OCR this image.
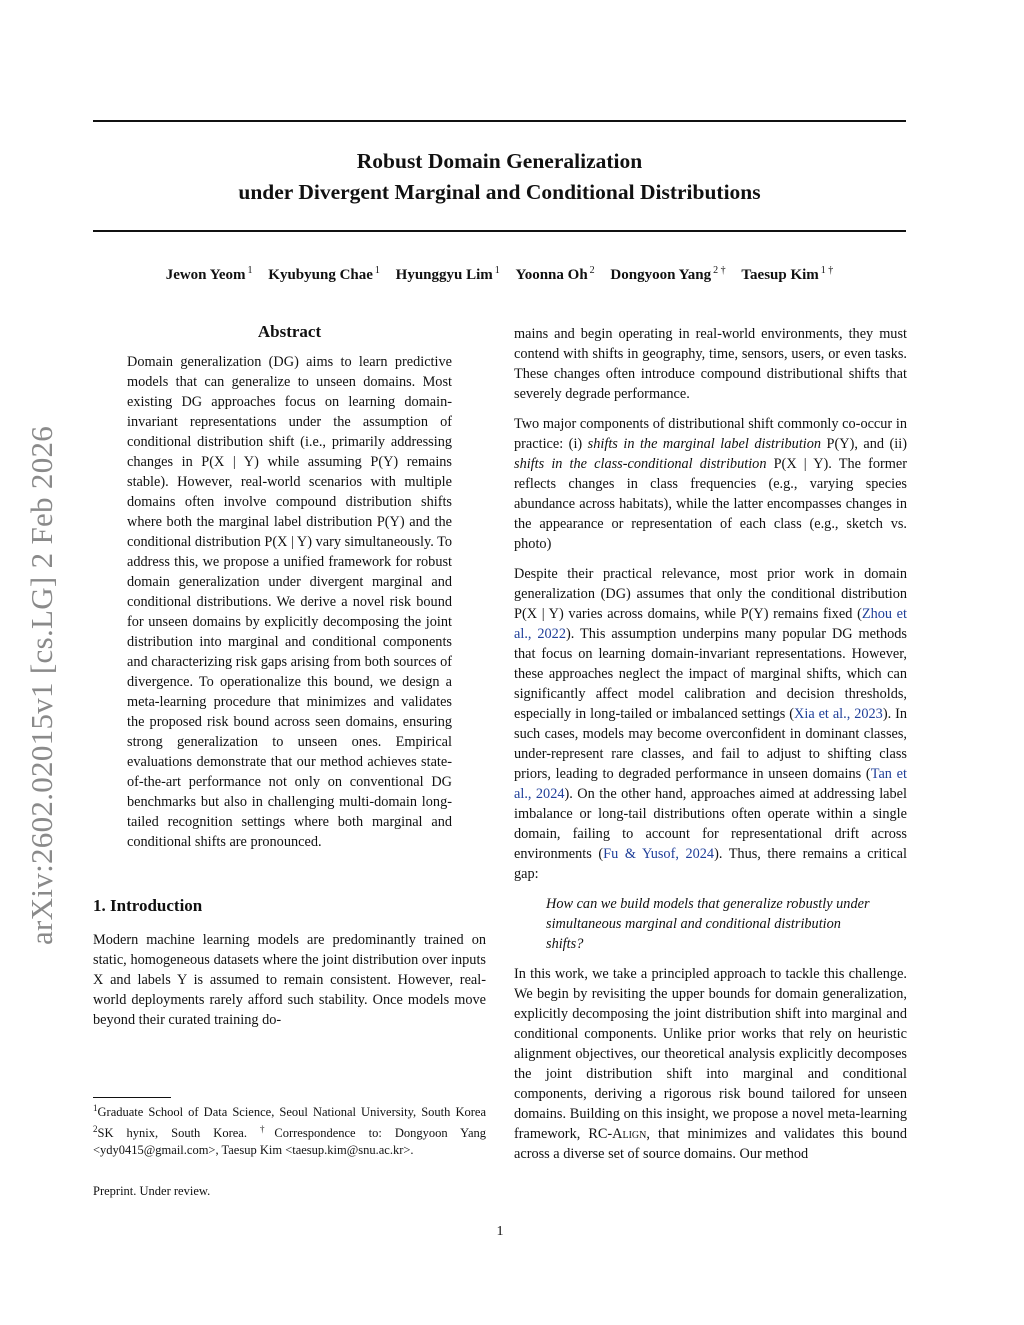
Robust Domain Generalization
under Divergent Marginal and Conditional Distributions
Jewon Yeom $^1$ Kyubyung Chae $^1$ Hyunggyu Lim $^1$ Yoonna Oh $^2$ Dongyoon Yang $^{2 \dagger}$ Taesup Kim $^{1 \dagger}$
arXiv:2602.02015v1 [cs.LG] 2 Feb 2026
Abstract
Domain generalization (DG) aims to learn predictive models that can generalize to unseen domains. Most existing DG approaches focus on learning domain-invariant representations under the assumption of conditional distribution shift (i.e., primarily addressing changes in P(X | Y) while assuming P(Y) remains stable). However, real-world scenarios with multiple domains often involve compound distribution shifts where both the marginal label distribution P(Y) and the conditional distribution P(X | Y) vary simultaneously. To address this, we propose a unified framework for robust domain generalization under divergent marginal and conditional distributions. We derive a novel risk bound for unseen domains by explicitly decomposing the joint distribution into marginal and conditional components and characterizing risk gaps arising from both sources of divergence. To operationalize this bound, we design a meta-learning procedure that minimizes and validates the proposed risk bound across seen domains, ensuring strong generalization to unseen ones. Empirical evaluations demonstrate that our method achieves state-of-the-art performance not only on conventional DG benchmarks but also in challenging multi-domain long-tailed recognition settings where both marginal and conditional shifts are pronounced.
1. Introduction

Modern machine learning models are predominantly trained on static, homogeneous datasets where the joint distribution over inputs X and labels Y is assumed to remain consistent. However, real-world deployments rarely afford such stability. Once models move beyond their curated training do-

$^1$Graduate School of Data Science, Seoul National University, South Korea $^2$SK hynix, South Korea. †Correspondence to: Dongyoon Yang <ydy0415@gmail.com>, Taesup Kim <taesup.kim@snu.ac.kr>.
Preprint. Under review.

mains and begin operating in real-world environments, they must contend with shifts in geography, time, sensors, users, or even tasks. These changes often introduce compound distributional shifts that severely degrade performance.

Two major components of distributional shift commonly co-occur in practice: (i) shifts in the marginal label distribution P(Y), and (ii) shifts in the class-conditional distribution P(X | Y). The former reflects changes in class frequencies (e.g., varying species abundance across habitats), while the latter encompasses changes in the appearance or representation of each class (e.g., sketch vs. photo)

Despite their practical relevance, most prior work in domain generalization (DG) assumes that only the conditional distribution P(X | Y) varies across domains, while P(Y) remains fixed (Zhou et al., 2022). This assumption underpins many popular DG methods that focus on learning domain-invariant representations. However, these approaches neglect the impact of marginal shifts, which can significantly affect model calibration and decision thresholds, especially in long-tailed or imbalanced settings (Xia et al., 2023). In such cases, models may become overconfident in dominant classes, under-represent rare classes, and fail to adjust to shifting class priors, leading to degraded performance in unseen domains (Tan et al., 2024). On the other hand, approaches aimed at addressing label imbalance or long-tail distributions often operate within a single domain, failing to account for representational drift across environments (Fu & Yusof, 2024). Thus, there remains a critical gap:

How can we build models that generalize robustly under simultaneous marginal and conditional distribution shifts?

In this work, we take a principled approach to tackle this challenge. We begin by revisiting the upper bounds for domain generalization, explicitly decomposing the joint distribution shift into marginal and conditional components. Unlike prior works that rely on heuristic alignment objectives, our theoretical analysis explicitly decomposes the joint distribution shift into marginal and conditional components, deriving a rigorous risk bound tailored for unseen domains. Building on this insight, we propose a novel meta-learning framework, RC-Align, that minimizes and validates this bound across a diverse set of source domains. Our method

1
